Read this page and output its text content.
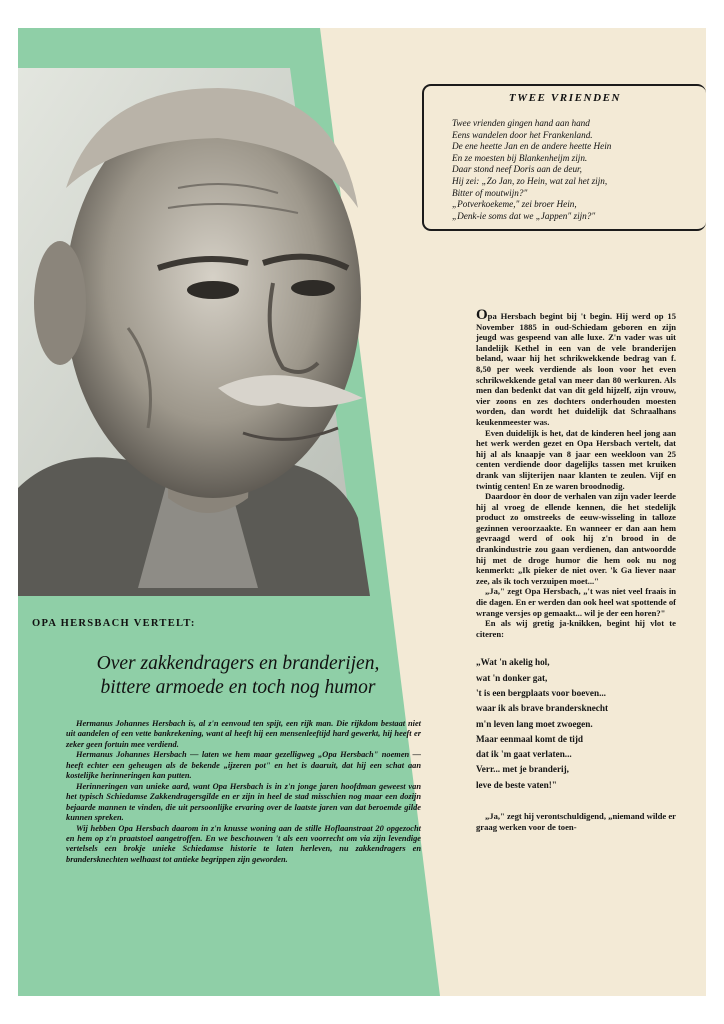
TWEE VRIENDEN
Twee vrienden gingen hand aan hand
Eens wandelen door het Frankenland.
De ene heette Jan en de andere heette Hein
En ze moesten bij Blankenheijm zijn.
Daar stond neef Doris aan de deur,
Hij zei: „Zo Jan, zo Hein, wat zal het zijn,
Bitter of moutwijn?"
„Potverkoekeme," zei broer Hein,
„Denk-ie soms dat we „Jappen" zijn?"
OPA HERSBACH VERTELT:
Over zakkendragers en branderijen,
bittere armoede en toch nog humor

Hermanus Johannes Hersbach is, al z'n eenvoud ten spijt, een rijk man. Die rijkdom bestaat niet uit aandelen of een vette bankrekening, want al heeft hij een mensenleeftijd hard gewerkt, hij heeft er zeker geen fortuin mee verdiend.

Hermanus Johannes Hersbach — laten we hem maar gezelligweg „Opa Hersbach" noemen — heeft echter een geheugen als de bekende „ijzeren pot" en het is daaruit, dat hij een schat aan kostelijke herinneringen kan putten.

Herinneringen van unieke aard, want Opa Hersbach is in z'n jonge jaren hoofdman geweest van het typisch Schiedamse Zakkendragersgilde en er zijn in heel de stad misschien nog maar een dozijn bejaarde mannen te vinden, die uit persoonlijke ervaring over de laatste jaren van dat beroemde gilde kunnen spreken.

Wij hebben Opa Hersbach daarom in z'n knusse woning aan de stille Hoflaanstraat 20 opgezocht en hem op z'n praatstoel aangetroffen. En we beschouwen 't als een voorrecht om via zijn levendige vertelsels een brokje unieke Schiedamse historie te laten herleven, nu zakkendragers en brandersknechten welhaast tot antieke begrippen zijn geworden.

Opa Hersbach begint bij 't begin. Hij werd op 15 November 1885 in oud-Schiedam geboren en zijn jeugd was gespeend van alle luxe. Z'n vader was uit landelijk Kethel in een van de vele branderijen beland, waar hij het schrikwekkende bedrag van f. 8,50 per week verdiende als loon voor het even schrikwekkende getal van meer dan 80 werkuren. Als men dan bedenkt dat van dit geld hijzelf, zijn vrouw, vier zoons en zes dochters onderhouden moesten worden, dan wordt het duidelijk dat Schraalhans keukenmeester was.

Even duidelijk is het, dat de kinderen heel jong aan het werk werden gezet en Opa Hersbach vertelt, dat hij al als knaapje van 8 jaar een weekloon van 25 centen verdiende door dagelijks tassen met kruiken drank van slijterijen naar klanten te zeulen. Vijf en twintig centen! En ze waren broodnodig.

Daardoor èn door de verhalen van zijn vader leerde hij al vroeg de ellende kennen, die het stedelijk product zo omstreeks de eeuw-wisseling in talloze gezinnen veroorzaakte. En wanneer er dan aan hem gevraagd werd of ook hij z'n brood in de drankindustrie zou gaan verdienen, dan antwoordde hij met de droge humor die hem ook nu nog kenmerkt: „Ik pieker de niet over. 'k Ga liever naar zee, als ik toch verzuipen moet..."

„Ja," zegt Opa Hersbach, „'t was niet veel fraais in die dagen. En er werden dan ook heel wat spottende of wrange versjes op gemaakt... wil je der een horen?"

En als wij gretig ja-knikken, begint hij vlot te citeren:

„Wat 'n akelig hol,
wat 'n donker gat,
't is een bergplaats voor boeven...
waar ik als brave brandersknecht
m'n leven lang moet zwoegen.
Maar eenmaal komt de tijd
dat ik 'm gaat verlaten...
Verr... met je branderij,
leve de beste vaten!"

„Ja," zegt hij verontschuldigend, „niemand wilde er graag werken voor de toen-
